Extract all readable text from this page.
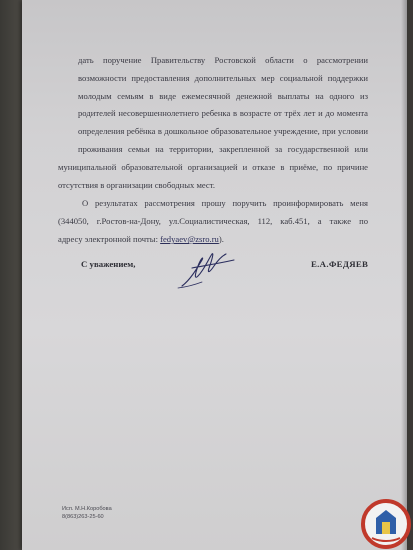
дать поручение Правительству Ростовской области о рассмотрении
возможности предоставления дополнительных мер социальной поддержки
молодым семьям в виде ежемесячной денежной выплаты на одного из
родителей несовершеннолетнего ребенка в возрасте от трёх лет и до момента
определения ребёнка в дошкольное образовательное учреждение, при условии
проживания семьи на территории, закрепленной за государственной или
муниципальной образовательной организацией и отказе в приёме, по причине
отсутствия в организации свободных мест.
О результатах рассмотрения прошу поручить проинформировать меня
(344050, г.Ростов-на-Дону, ул.Социалистическая, 112, каб.451, а также по
адресу электронной почты: fedyaev@zsro.ru).
С уважением,	Е.А.ФЕДЯЕВ
Исп. М.Н.Коробова
8(863)263-25-60
